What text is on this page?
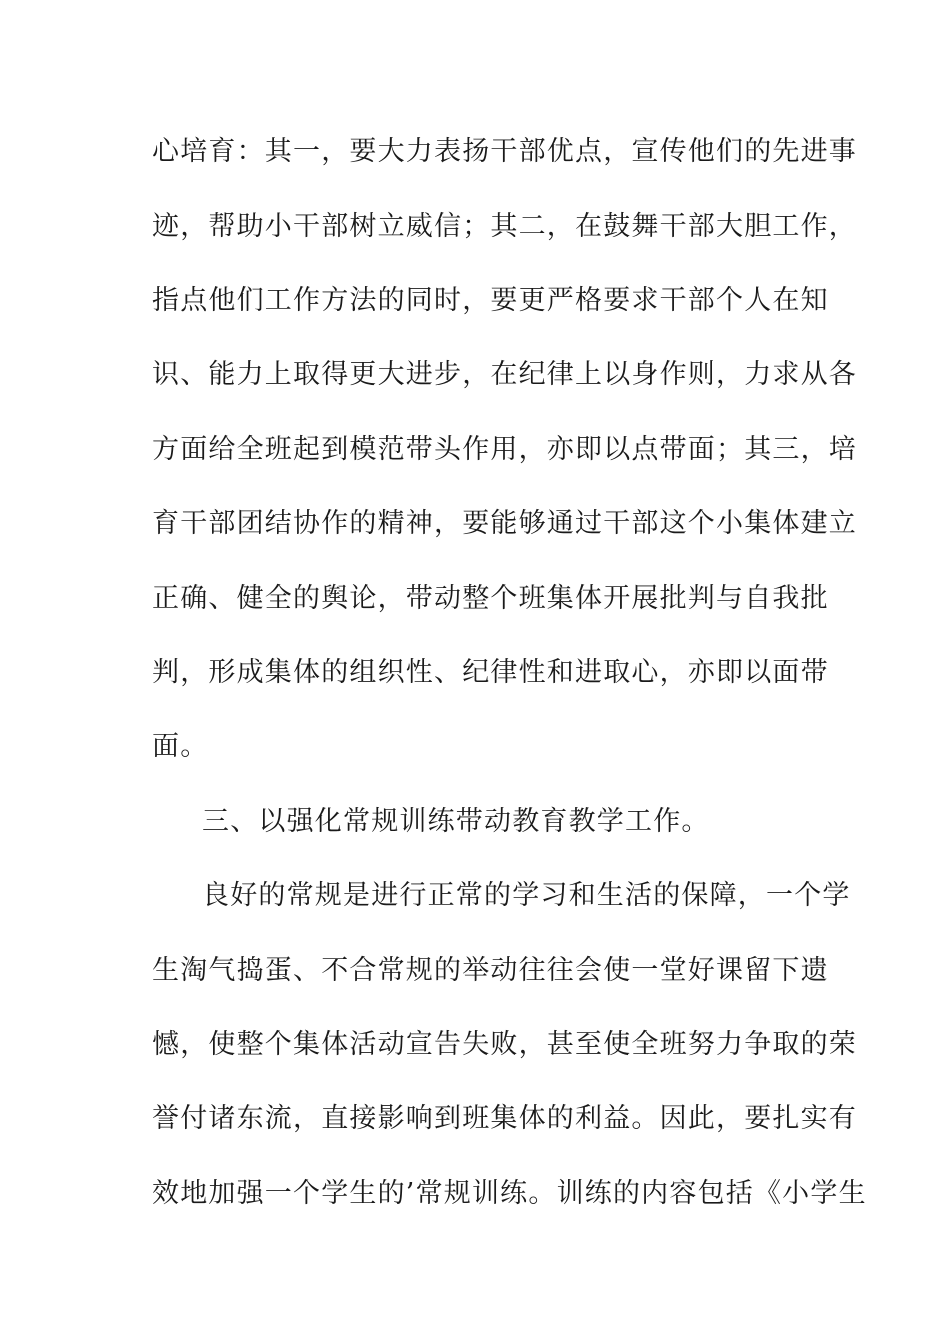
心培育：其一，要大力表扬干部优点，宣传他们的先进事
迹，帮助小干部树立威信；其二，在鼓舞干部大胆工作，
指点他们工作方法的同时，要更严格要求干部个人在知
识、能力上取得更大进步，在纪律上以身作则，力求从各
方面给全班起到模范带头作用，亦即以点带面；其三，培
育干部团结协作的精神，要能够通过干部这个小集体建立
正确、健全的舆论，带动整个班集体开展批判与自我批
判，形成集体的组织性、纪律性和进取心，亦即以面带
面。
三、以强化常规训练带动教育教学工作。
良好的常规是进行正常的学习和生活的保障，一个学
生淘气捣蛋、不合常规的举动往往会使一堂好课留下遗
憾，使整个集体活动宣告失败，甚至使全班努力争取的荣
誉付诸东流，直接影响到班集体的利益。因此，要扎实有
效地加强一个学生的’常规训练。训练的内容包括《小学生
